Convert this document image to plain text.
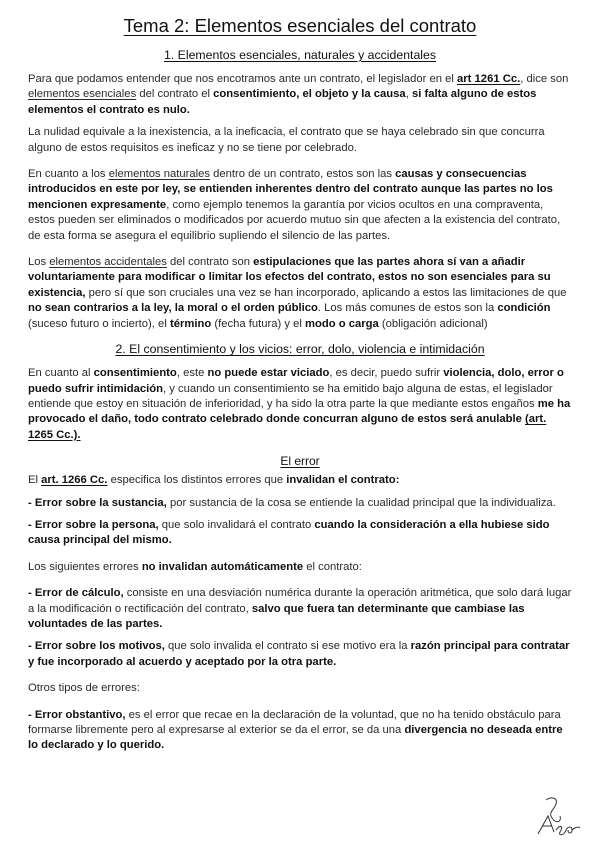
Tema 2: Elementos esenciales del contrato
1. Elementos esenciales, naturales y accidentales

Para que podamos entender que nos encotramos ante un contrato, el legislador en el art 1261 Cc., dice son elementos esenciales del contrato el consentimiento, el objeto y la causa, si falta alguno de estos elementos el contrato es nulo.

La nulidad equivale a la inexistencia, a la ineficacia, el contrato que se haya celebrado sin que concurra alguno de estos requisitos es ineficaz y no se tiene por celebrado.

En cuanto a los elementos naturales dentro de un contrato, estos son las causas y consecuencias introducidos en este por ley, se entienden inherentes dentro del contrato aunque las partes no los mencionen expresamente, como ejemplo tenemos la garantía por vicios ocultos en una compraventa, estos pueden ser eliminados o modificados por acuerdo mutuo sin que afecten a la existencia del contrato, de esta forma se asegura el equilibrio supliendo el silencio de las partes.

Los elementos accidentales del contrato son estipulaciones que las partes ahora sí van a añadir voluntariamente para modificar o limitar los efectos del contrato, estos no son esenciales para su existencia, pero sí que son cruciales una vez se han incorporado, aplicando a estos las limitaciones de que no sean contrarios a la ley, la moral o el orden público. Los más comunes de estos son la condición (suceso futuro o incierto), el término (fecha futura) y el modo o carga (obligación adicional)

2. El consentimiento y los vicios: error, dolo, violencia e intimidación

En cuanto al consentimiento, este no puede estar viciado, es decir, puedo sufrir violencia, dolo, error o puedo sufrir intimidación, y cuando un consentimiento se ha emitido bajo alguna de estas, el legislador entiende que estoy en situación de inferioridad, y ha sido la otra parte la que mediante estos engaños me ha provocado el daño, todo contrato celebrado donde concurran alguno de estos será anulable (art. 1265 Cc.).

El error

El art. 1266 Cc. especifica los distintos errores que invalidan el contrato:

- Error sobre la sustancia, por sustancia de la cosa se entiende la cualidad principal que la individualiza.

- Error sobre la persona, que solo invalidará el contrato cuando la consideración a ella hubiese sido causa principal del mismo.

Los siguientes errores no invalidan automáticamente el contrato:

- Error de cálculo, consiste en una desviación numérica durante la operación aritmética, que solo dará lugar a la modificación o rectificación del contrato, salvo que fuera tan determinante que cambiase las voluntades de las partes.

- Error sobre los motivos, que solo invalida el contrato si ese motivo era la razón principal para contratar y fue incorporado al acuerdo y aceptado por la otra parte.

Otros tipos de errores:

- Error obstantivo, es el error que recae en la declaración de la voluntad, que no ha tenido obstáculo para formarse libremente pero al expresarse al exterior se da el error, se da una divergencia no deseada entre lo declarado y lo querido.
